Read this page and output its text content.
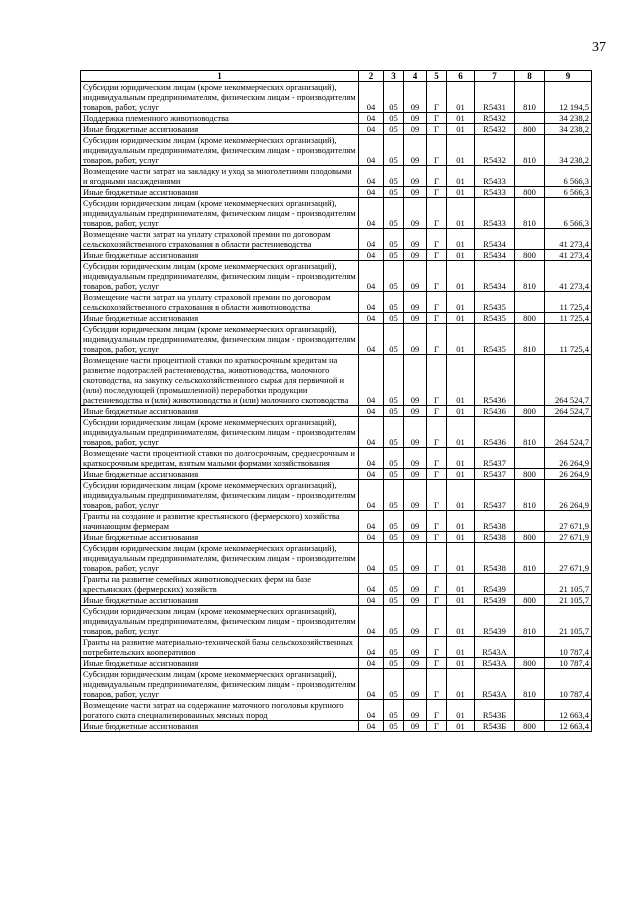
37
1	2	3	4	5	6	7	8	9
Субсидии юридическим лицам (кроме некоммерческих организаций), индивидуальным предпринимателям, физическим лицам - производителям товаров, работ, услуг	04	05	09	Г	01	R5431	810	12 194,5
Поддержка племенного животноводства	04	05	09	Г	01	R5432		34 238,2
Иные бюджетные ассигнования	04	05	09	Г	01	R5432	800	34 238,2
Субсидии юридическим лицам (кроме некоммерческих организаций), индивидуальным предпринимателям, физическим лицам - производителям товаров, работ, услуг	04	05	09	Г	01	R5432	810	34 238,2
Возмещение части затрат на закладку и уход за многолетними плодовыми и ягодными насаждениями	04	05	09	Г	01	R5433		6 566,3
Иные бюджетные ассигнования	04	05	09	Г	01	R5433	800	6 566,3
Субсидии юридическим лицам (кроме некоммерческих организаций), индивидуальным предпринимателям, физическим лицам - производителям товаров, работ, услуг	04	05	09	Г	01	R5433	810	6 566,3
Возмещение части затрат на уплату страховой премии по договорам сельскохозяйственного страхования в области растениеводства	04	05	09	Г	01	R5434		41 273,4
Иные бюджетные ассигнования	04	05	09	Г	01	R5434	800	41 273,4
Субсидии юридическим лицам (кроме некоммерческих организаций), индивидуальным предпринимателям, физическим лицам - производителям товаров, работ, услуг	04	05	09	Г	01	R5434	810	41 273,4
Возмещение части затрат на уплату страховой премии по договорам сельскохозяйственного страхования в области животноводства	04	05	09	Г	01	R5435		11 725,4
Иные бюджетные ассигнования	04	05	09	Г	01	R5435	800	11 725,4
Субсидии юридическим лицам (кроме некоммерческих организаций), индивидуальным предпринимателям, физическим лицам - производителям товаров, работ, услуг	04	05	09	Г	01	R5435	810	11 725,4
Возмещение части процентной ставки по краткосрочным кредитам на развитие подотраслей растениеводства, животноводства, молочного скотоводства, на закупку сельскохозяйственного сырья для первичной и (или) последующей (промышленной) переработки продукции растениеводства и (или) животноводства и (или) молочного скотоводства	04	05	09	Г	01	R5436		264 524,7
Иные бюджетные ассигнования	04	05	09	Г	01	R5436	800	264 524,7
Субсидии юридическим лицам (кроме некоммерческих организаций), индивидуальным предпринимателям, физическим лицам - производителям товаров, работ, услуг	04	05	09	Г	01	R5436	810	264 524,7
Возмещение части процентной ставки по долгосрочным, среднесрочным и краткосрочным кредитам, взятым малыми формами хозяйствования	04	05	09	Г	01	R5437		26 264,9
Иные бюджетные ассигнования	04	05	09	Г	01	R5437	800	26 264,9
Субсидии юридическим лицам (кроме некоммерческих организаций), индивидуальным предпринимателям, физическим лицам - производителям товаров, работ, услуг	04	05	09	Г	01	R5437	810	26 264,9
Гранты на создание и развитие крестьянского (фермерского) хозяйства начинающим фермерам	04	05	09	Г	01	R5438		27 671,9
Иные бюджетные ассигнования	04	05	09	Г	01	R5438	800	27 671,9
Субсидии юридическим лицам (кроме некоммерческих организаций), индивидуальным предпринимателям, физическим лицам - производителям товаров, работ, услуг	04	05	09	Г	01	R5438	810	27 671,9
Гранты на развитие семейных животноводческих ферм на базе крестьянских (фермерских) хозяйств	04	05	09	Г	01	R5439		21 105,7
Иные бюджетные ассигнования	04	05	09	Г	01	R5439	800	21 105,7
Субсидии юридическим лицам (кроме некоммерческих организаций), индивидуальным предпринимателям, физическим лицам - производителям товаров, работ, услуг	04	05	09	Г	01	R5439	810	21 105,7
Гранты на развитие материально-технической базы сельскохозяйственных потребительских кооперативов	04	05	09	Г	01	R543А		10 787,4
Иные бюджетные ассигнования	04	05	09	Г	01	R543А	800	10 787,4
Субсидии юридическим лицам (кроме некоммерческих организаций), индивидуальным предпринимателям, физическим лицам - производителям товаров, работ, услуг	04	05	09	Г	01	R543А	810	10 787,4
Возмещение части затрат на содержание маточного поголовья крупного рогатого скота специализированных мясных пород	04	05	09	Г	01	R543Б		12 663,4
Иные бюджетные ассигнования	04	05	09	Г	01	R543Б	800	12 663,4
